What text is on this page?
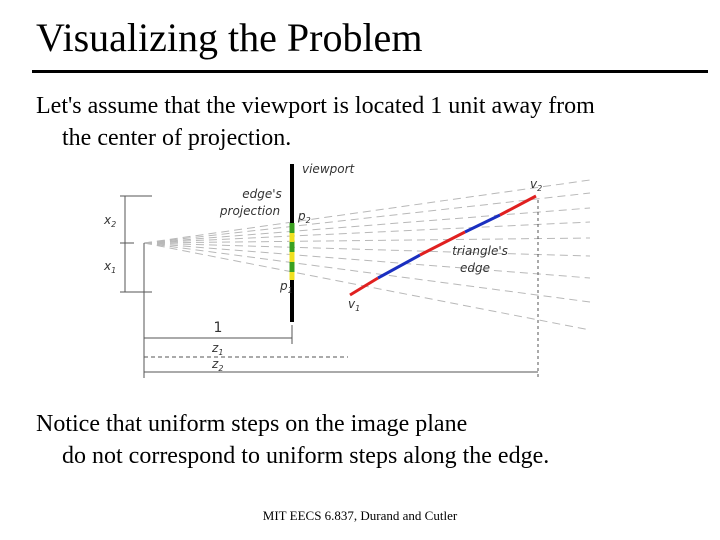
Visualizing the Problem
Let's assume that the viewport is located 1 unit away from
the center of projection.
$x_2$
$x_1$
viewport
edge's
projection $p_2$
$p_1$
$v_1$
$v_2$
triangle's
edge
1
$z_1$
$z_2$
Notice that uniform steps on the image plane
do not correspond to uniform steps along the edge.
MIT EECS 6.837, Durand and Cutler
